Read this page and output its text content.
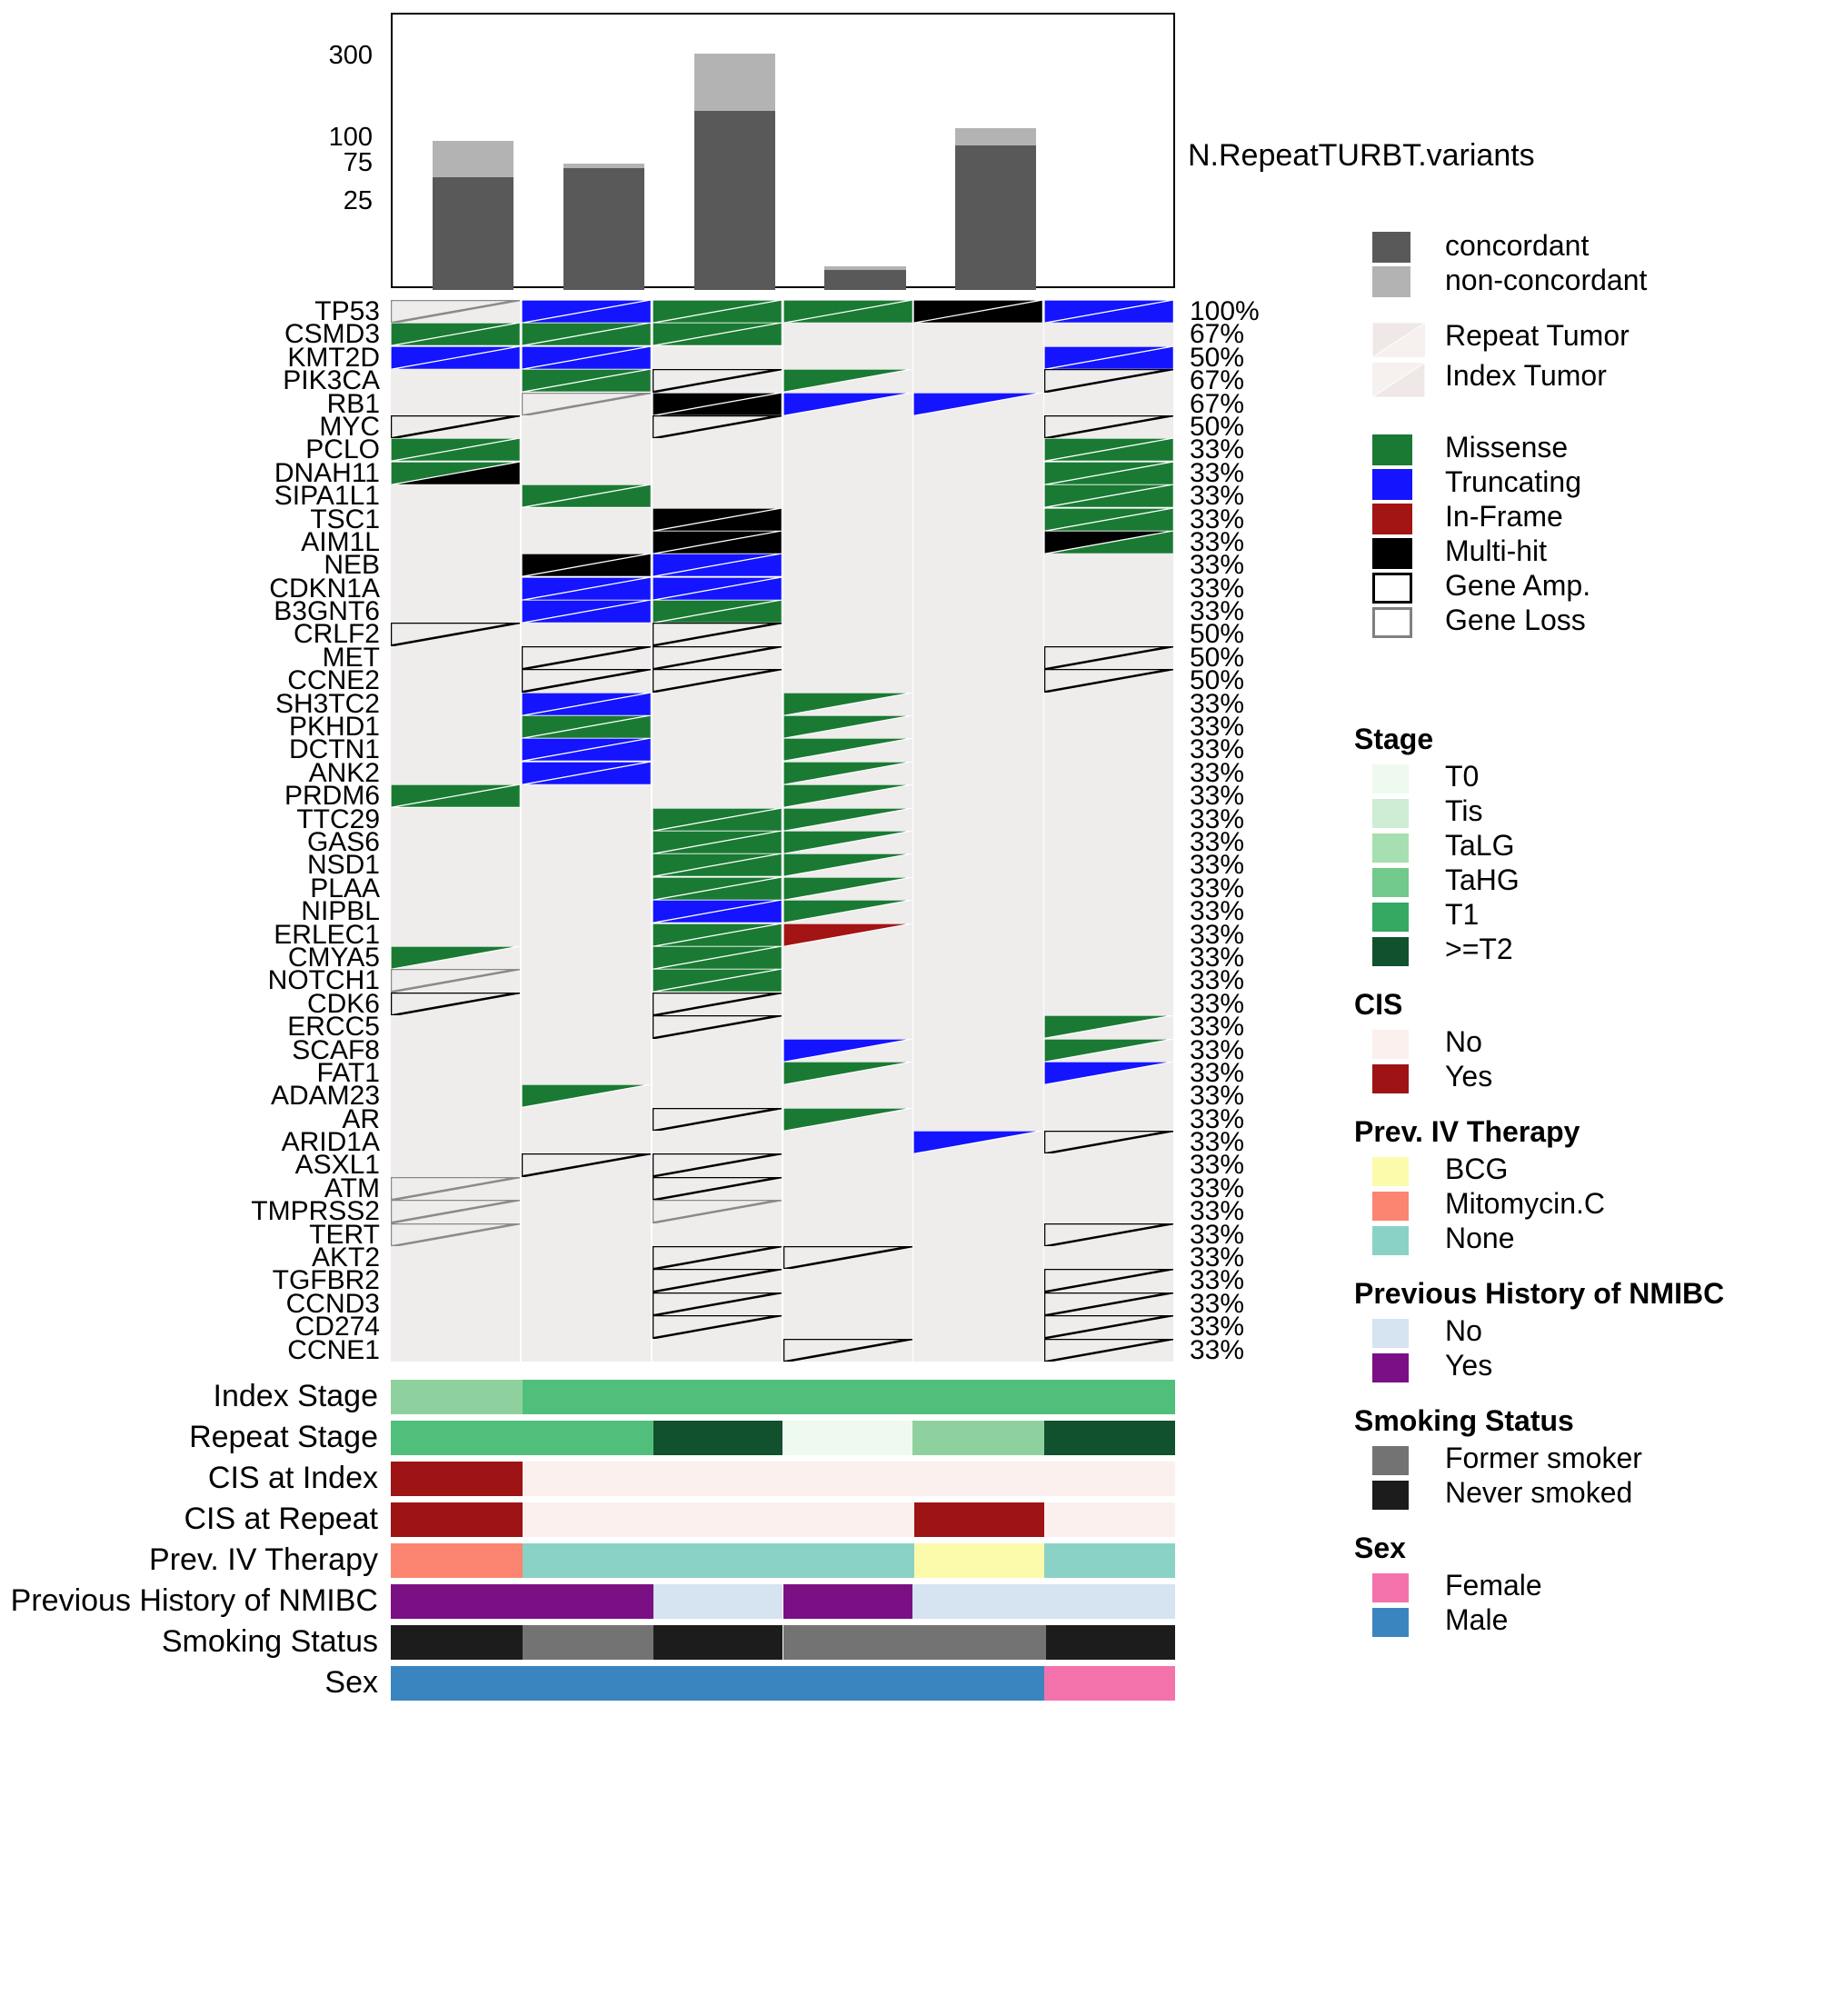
N.RepeatTURBT.variants
concordant
non-concordant
Repeat Tumor
Index Tumor
Missense
Truncating
In-Frame
Multi-hit
Gene Amp.
Gene Loss
Stage
T0
Tis
TaLG
TaHG
T1
>=T2
CIS
No
Yes
Prev. IV Therapy
BCG
Mitomycin.C
None
Previous History of NMIBC
No
Yes
Smoking Status
Former smoker
Never smoked
Sex
Female
Male
TP53	100%
CSMD3	67%
KMT2D	50%
PIK3CA	67%
RB1	67%
MYC	50%
PCLO	33%
DNAH11	33%
SIPA1L1	33%
TSC1	33%
AIM1L	33%
NEB	33%
CDKN1A	33%
B3GNT6	33%
CRLF2	50%
MET	50%
CCNE2	50%
SH3TC2	33%
PKHD1	33%
DCTN1	33%
ANK2	33%
PRDM6	33%
TTC29	33%
GAS6	33%
NSD1	33%
PLAA	33%
NIPBL	33%
ERLEC1	33%
CMYA5	33%
NOTCH1	33%
CDK6	33%
ERCC5	33%
SCAF8	33%
FAT1	33%
ADAM23	33%
AR	33%
ARID1A	33%
ASXL1	33%
ATM	33%
TMPRSS2	33%
TERT	33%
AKT2	33%
TGFBR2	33%
CCND3	33%
CD274	33%
CCNE1	33%
Index Stage
Repeat Stage
CIS at Index
CIS at Repeat
Prev. IV Therapy
Previous History of NMIBC
Smoking Status
Sex
25
75
100
300
